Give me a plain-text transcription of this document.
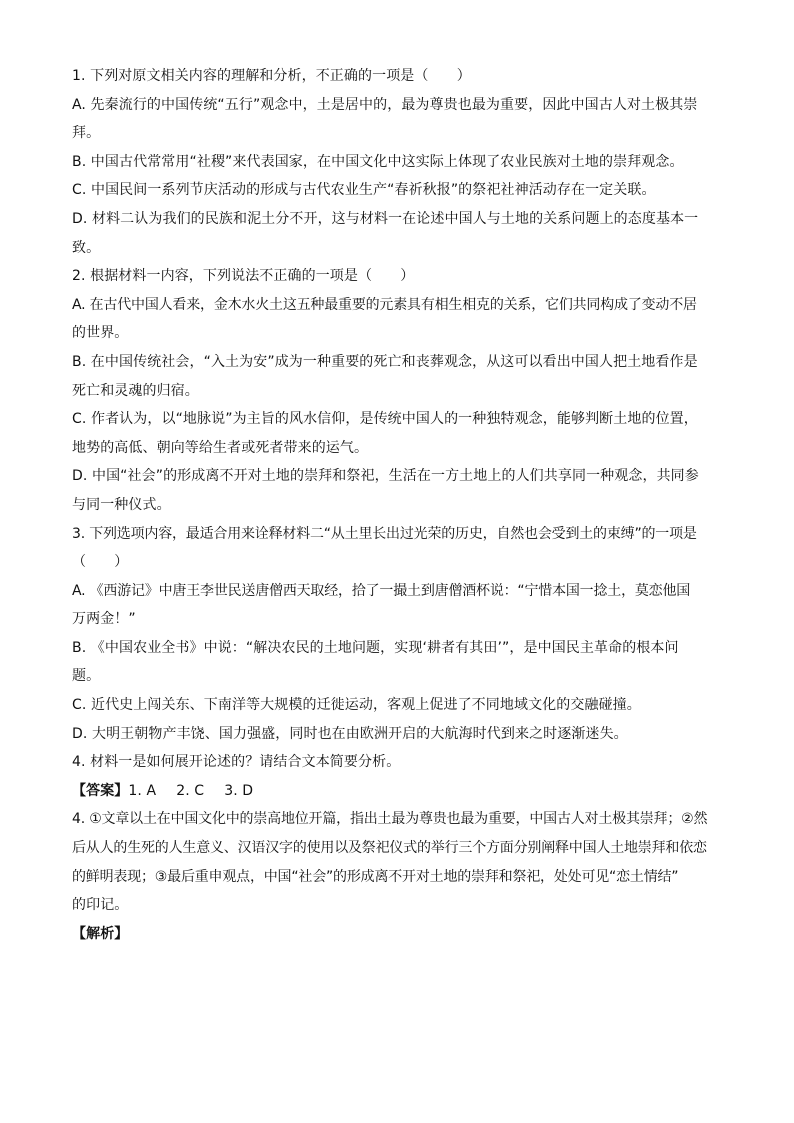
1. 下列对原文相关内容的理解和分析，不正确的一项是（　　）
A. 先秦流行的中国传统“五行”观念中，土是居中的，最为尊贵也最为重要，因此中国古人对土极其崇
拜。
B. 中国古代常常用“社稷”来代表国家，在中国文化中这实际上体现了农业民族对土地的崇拜观念。
C. 中国民间一系列节庆活动的形成与古代农业生产“春祈秋报”的祭祀社神活动存在一定关联。
D. 材料二认为我们的民族和泥土分不开，这与材料一在论述中国人与土地的关系问题上的态度基本一
致。
2. 根据材料一内容，下列说法不正确的一项是（　　）
A. 在古代中国人看来，金木水火土这五种最重要的元素具有相生相克的关系，它们共同构成了变动不居
的世界。
B. 在中国传统社会，“入土为安”成为一种重要的死亡和丧葬观念，从这可以看出中国人把土地看作是
死亡和灵魂的归宿。
C. 作者认为，以“地脉说”为主旨的风水信仰，是传统中国人的一种独特观念，能够判断土地的位置，
地势的高低、朝向等给生者或死者带来的运气。
D. 中国“社会”的形成离不开对土地的崇拜和祭祀，生活在一方土地上的人们共享同一种观念，共同参
与同一种仪式。
3. 下列选项内容，最适合用来诠释材料二“从土里长出过光荣的历史，自然也会受到土的束缚”的一项是
（　　）
A. 《西游记》中唐王李世民送唐僧西天取经，拾了一撮土到唐僧酒杯说：“宁惜本国一捻土，莫恋他国
万两金！”
B. 《中国农业全书》中说：“解决农民的土地问题，实现‘耕者有其田’”，是中国民主革命的根本问
题。
C. 近代史上闯关东、下南洋等大规模的迁徙运动，客观上促进了不同地域文化的交融碰撞。
D. 大明王朝物产丰饶、国力强盛，同时也在由欧洲开启的大航海时代到来之时逐渐迷失。
4. 材料一是如何展开论述的？请结合文本简要分析。
【答案】1. A 2. C 3. D
4. ①文章以土在中国文化中的崇高地位开篇，指出土最为尊贵也最为重要，中国古人对土极其崇拜；②然
后从人的生死的人生意义、汉语汉字的使用以及祭祀仪式的举行三个方面分别阐释中国人土地崇拜和依恋
的鲜明表现；③最后重申观点，中国“社会”的形成离不开对土地的崇拜和祭祀，处处可见“恋土情结”
的印记。
【解析】
